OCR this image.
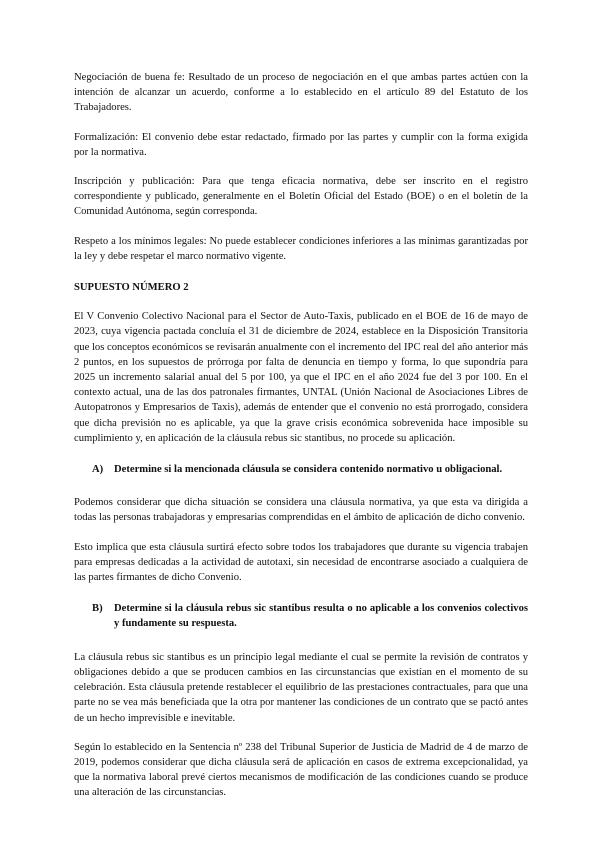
Negociación de buena fe: Resultado de un proceso de negociación en el que ambas partes actúen con la intención de alcanzar un acuerdo, conforme a lo establecido en el artículo 89 del Estatuto de los Trabajadores.

Formalización: El convenio debe estar redactado, firmado por las partes y cumplir con la forma exigida por la normativa.

Inscripción y publicación: Para que tenga eficacia normativa, debe ser inscrito en el registro correspondiente y publicado, generalmente en el Boletín Oficial del Estado (BOE) o en el boletín de la Comunidad Autónoma, según corresponda.

Respeto a los mínimos legales: No puede establecer condiciones inferiores a las mínimas garantizadas por la ley y debe respetar el marco normativo vigente.

SUPUESTO NÚMERO 2

El V Convenio Colectivo Nacional para el Sector de Auto-Taxis, publicado en el BOE de 16 de mayo de 2023, cuya vigencia pactada concluía el 31 de diciembre de 2024, establece en la Disposición Transitoria que los conceptos económicos se revisarán anualmente con el incremento del IPC real del año anterior más 2 puntos, en los supuestos de prórroga por falta de denuncia en tiempo y forma, lo que supondría para 2025 un incremento salarial anual del 5 por 100, ya que el IPC en el año 2024 fue del 3 por 100. En el contexto actual, una de las dos patronales firmantes, UNTAL (Unión Nacional de Asociaciones Libres de Autopatronos y Empresarios de Taxis), además de entender que el convenio no está prorrogado, considera que dicha previsión no es aplicable, ya que la grave crisis económica sobrevenida hace imposible su cumplimiento y, en aplicación de la cláusula rebus sic stantibus, no procede su aplicación.

A)	Determine si la mencionada cláusula se considera contenido normativo u obligacional.

Podemos considerar que dicha situación se considera una cláusula normativa, ya que esta va dirigida a todas las personas trabajadoras y empresarias comprendidas en el ámbito de aplicación de dicho convenio.

Esto implica que esta cláusula surtirá efecto sobre todos los trabajadores que durante su vigencia trabajen para empresas dedicadas a la actividad de autotaxi, sin necesidad de encontrarse asociado a cualquiera de las partes firmantes de dicho Convenio.

B)	Determine si la cláusula rebus sic stantibus resulta o no aplicable a los convenios colectivos y fundamente su respuesta.

La cláusula rebus sic stantibus es un principio legal mediante el cual se permite la revisión de contratos y obligaciones debido a que se producen cambios en las circunstancias que existían en el momento de su celebración. Esta cláusula pretende restablecer el equilibrio de las prestaciones contractuales, para que una parte no se vea más beneficiada que la otra por mantener las condiciones de un contrato que se pactó antes de un hecho imprevisible e inevitable.

Según lo establecido en la Sentencia nº 238 del Tribunal Superior de Justicia de Madrid de 4 de marzo de 2019, podemos considerar que dicha cláusula será de aplicación en casos de extrema excepcionalidad, ya que la normativa laboral prevé ciertos mecanismos de modificación de las condiciones cuando se produce una alteración de las circunstancias.
